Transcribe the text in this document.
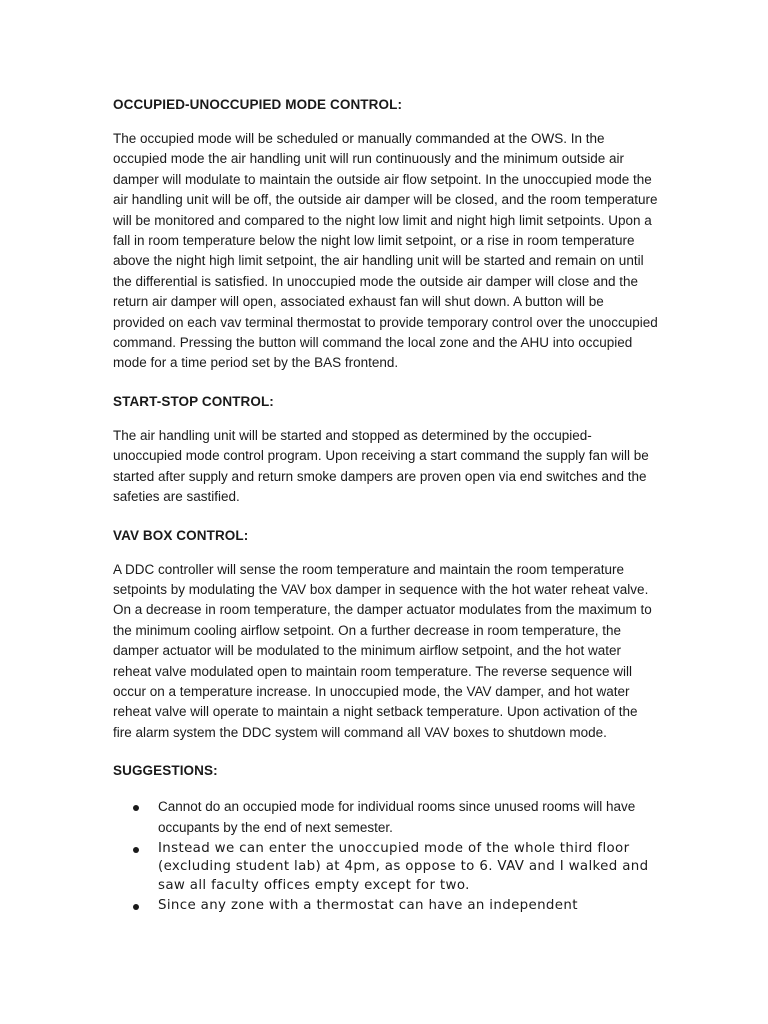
OCCUPIED-UNOCCUPIED MODE CONTROL:

The occupied mode will be scheduled or manually commanded at the OWS. In the occupied mode the air handling unit will run continuously and the minimum outside air damper will modulate to maintain the outside air flow setpoint. In the unoccupied mode the air handling unit will be off, the outside air damper will be closed, and the room temperature will be monitored and compared to the night low limit and night high limit setpoints. Upon a fall in room temperature below the night low limit setpoint, or a rise in room temperature above the night high limit setpoint, the air handling unit will be started and remain on until the differential is satisfied. In unoccupied mode the outside air damper will close and the return air damper will open, associated exhaust fan will shut down. A button will be provided on each vav terminal thermostat to provide temporary control over the unoccupied command. Pressing the button will command the local zone and the AHU into occupied mode for a time period set by the BAS frontend.

START-STOP CONTROL:

The air handling unit will be started and stopped as determined by the occupied-unoccupied mode control program. Upon receiving a start command the supply fan will be started after supply and return smoke dampers are proven open via end switches and the safeties are sastified.

VAV BOX CONTROL:

A DDC controller will sense the room temperature and maintain the room temperature setpoints by modulating the VAV box damper in sequence with the hot water reheat valve. On a decrease in room temperature, the damper actuator modulates from the maximum to the minimum cooling airflow setpoint. On a further decrease in room temperature, the damper actuator will be modulated to the minimum airflow setpoint, and the hot water reheat valve modulated open to maintain room temperature. The reverse sequence will occur on a temperature increase. In unoccupied mode, the VAV damper, and hot water reheat valve will operate to maintain a night setback temperature. Upon activation of the fire alarm system the DDC system will command all VAV boxes to shutdown mode.

SUGGESTIONS:
Cannot do an occupied mode for individual rooms since unused rooms will have occupants by the end of next semester.
Instead we can enter the unoccupied mode of the whole third floor (excluding student lab) at 4pm, as oppose to 6. VAV and I walked and saw all faculty offices empty except for two.
Since any zone with a thermostat can have an independent
